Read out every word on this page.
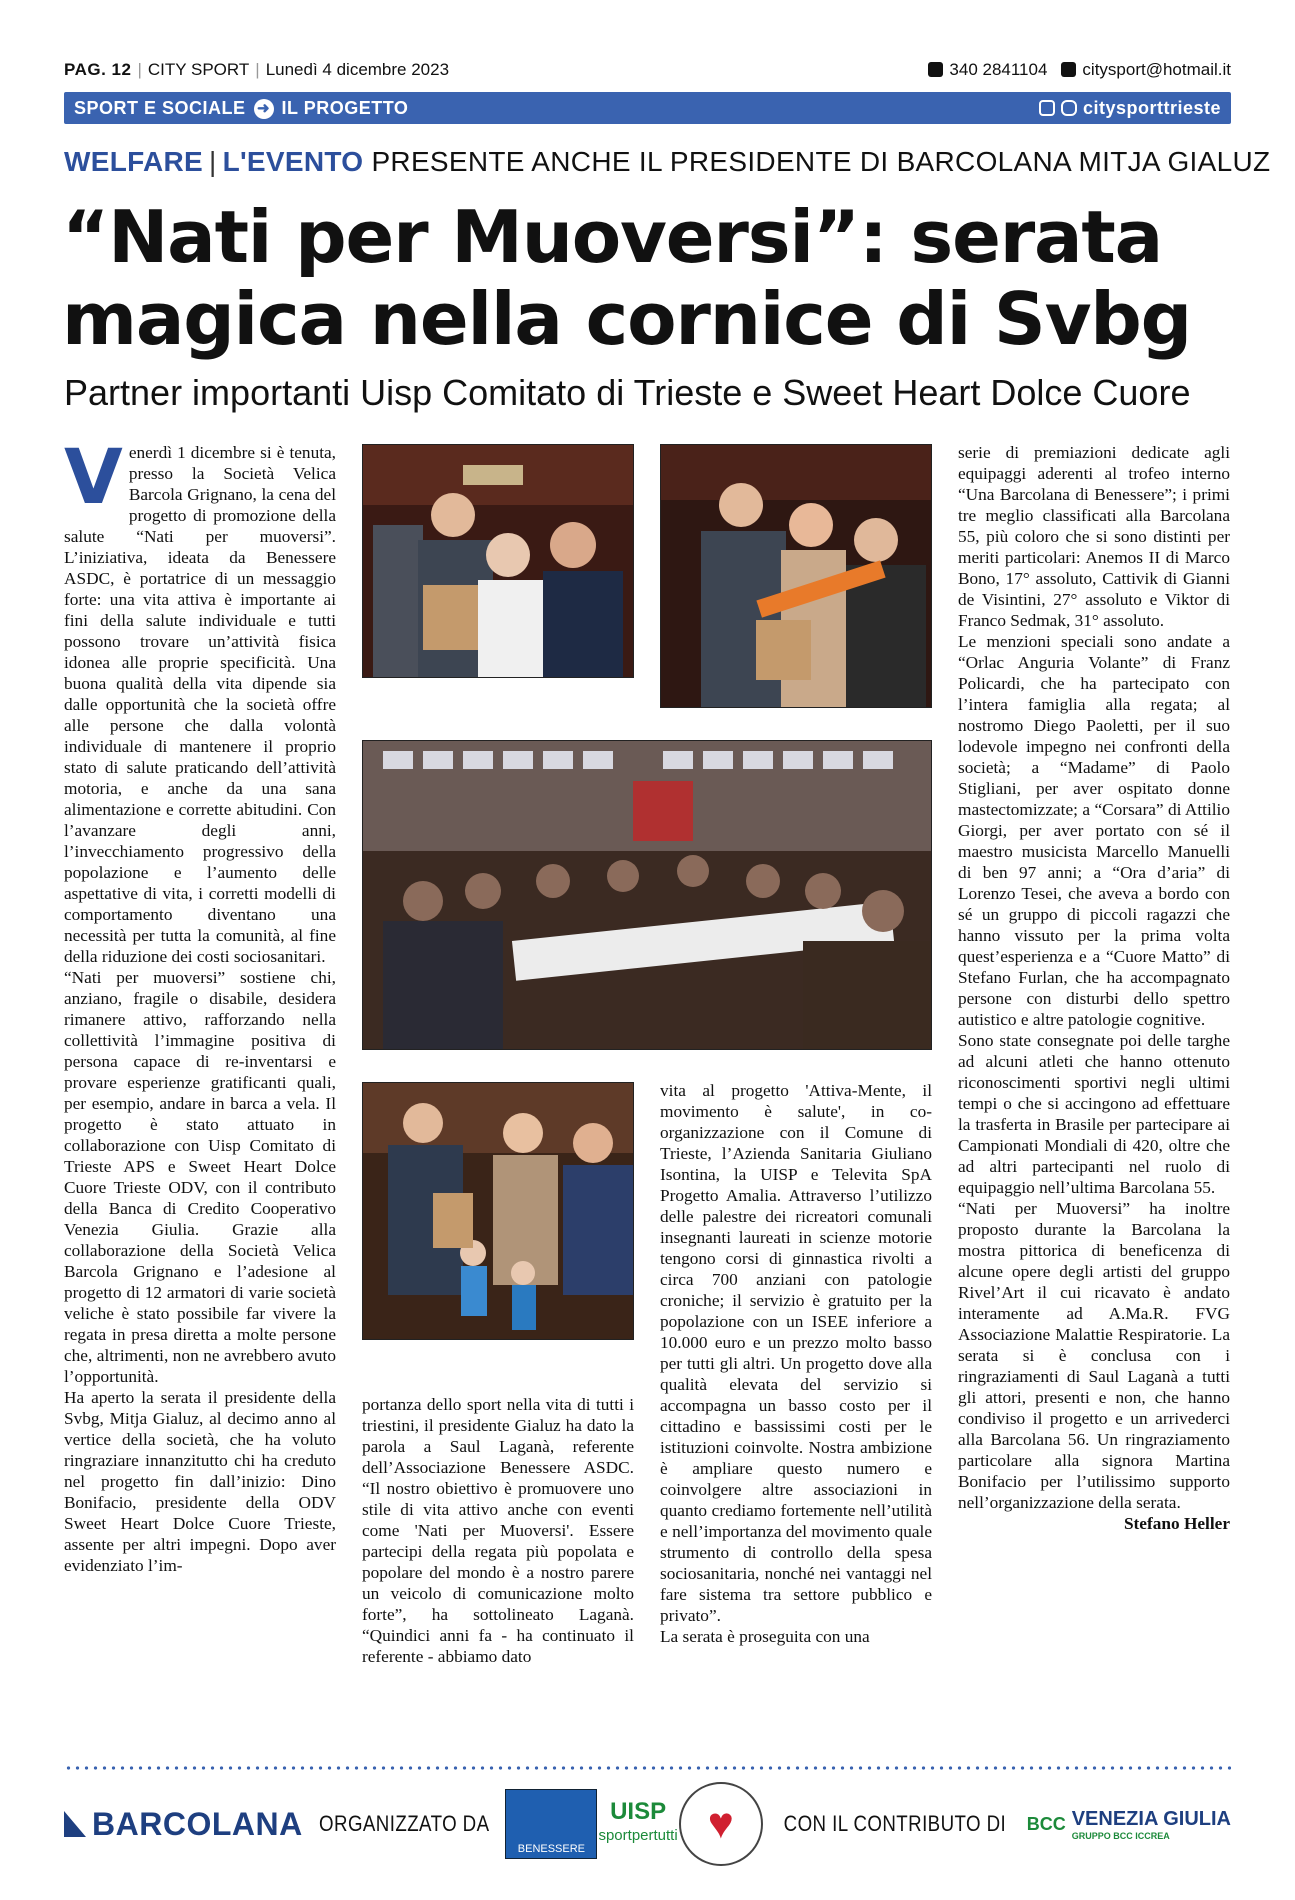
PAG. 12 | CITY SPORT | Lunedì 4 dicembre 2023	340 2841104	citysport@hotmail.it
SPORT E SOCIALE ➜ IL PROGETTO	citysporttrieste
WELFARE | L'EVENTO PRESENTE ANCHE IL PRESIDENTE DI BARCOLANA MITJA GIALUZ
“Nati per Muoversi”: serata magica nella cornice di Svbg
Partner importanti Uisp Comitato di Trieste e Sweet Heart Dolce Cuore

Venerdì 1 dicembre si è tenuta, presso la Società Velica Barcola Grignano, la cena del progetto di promozione della salute “Nati per muoversi”. L’iniziativa, ideata da Benessere ASDC, è portatrice di un messaggio forte: una vita attiva è importante ai fini della salute individuale e tutti possono trovare un’attività fisica idonea alle proprie specificità. Una buona qualità della vita dipende sia dalle opportunità che la società offre alle persone che dalla volontà individuale di mantenere il proprio stato di salute praticando dell’attività motoria, e anche da una sana alimentazione e corrette abitudini. Con l’avanzare degli anni, l’invecchiamento progressivo della popolazione e l’aumento delle aspettative di vita, i corretti modelli di comportamento diventano una necessità per tutta la comunità, al fine della riduzione dei costi sociosanitari.

“Nati per muoversi” sostiene chi, anziano, fragile o disabile, desidera rimanere attivo, rafforzando nella collettività l’immagine positiva di persona capace di re-inventarsi e provare esperienze gratificanti quali, per esempio, andare in barca a vela. Il progetto è stato attuato in collaborazione con Uisp Comitato di Trieste APS e Sweet Heart Dolce Cuore Trieste ODV, con il contributo della Banca di Credito Cooperativo Venezia Giulia. Grazie alla collaborazione della Società Velica Barcola Grignano e l’adesione al progetto di 12 armatori di varie società veliche è stato possibile far vivere la regata in presa diretta a molte persone che, altrimenti, non ne avrebbero avuto l’opportunità.

Ha aperto la serata il presidente della Svbg, Mitja Gialuz, al decimo anno al vertice della società, che ha voluto ringraziare innanzitutto chi ha creduto nel progetto fin dall’inizio: Dino Bonifacio, presidente della ODV Sweet Heart Dolce Cuore Trieste, assente per altri impegni. Dopo aver evidenziato l’im-

portanza dello sport nella vita di tutti i triestini, il presidente Gialuz ha dato la parola a Saul Laganà, referente dell’Associazione Benessere ASDC. “Il nostro obiettivo è promuovere uno stile di vita attivo anche con eventi come 'Nati per Muoversi'. Essere partecipi della regata più popolata e popolare del mondo è a nostro parere un veicolo di comunicazione molto forte”, ha sottolineato Laganà. “Quindici anni fa - ha continuato il referente - abbiamo dato

vita al progetto 'Attiva-Mente, il movimento è salute', in co-organizzazione con il Comune di Trieste, l’Azienda Sanitaria Giuliano Isontina, la UISP e Televita SpA Progetto Amalia. Attraverso l’utilizzo delle palestre dei ricreatori comunali insegnanti laureati in scienze motorie tengono corsi di ginnastica rivolti a circa 700 anziani con patologie croniche; il servizio è gratuito per la popolazione con un ISEE inferiore a 10.000 euro e un prezzo molto basso per tutti gli altri. Un progetto dove alla qualità elevata del servizio si accompagna un basso costo per il cittadino e bassissimi costi per le istituzioni coinvolte. Nostra ambizione è ampliare questo numero e coinvolgere altre associazioni in quanto crediamo fortemente nell’utilità e nell’importanza del movimento quale strumento di controllo della spesa sociosanitaria, nonché nei vantaggi nel fare sistema tra settore pubblico e privato”.

La serata è proseguita con una

serie di premiazioni dedicate agli equipaggi aderenti al trofeo interno “Una Barcolana di Benessere”; i primi tre meglio classificati alla Barcolana 55, più coloro che si sono distinti per meriti particolari: Anemos II di Marco Bono, 17° assoluto, Cattivik di Gianni de Visintini, 27° assoluto e Viktor di Franco Sedmak, 31° assoluto.

Le menzioni speciali sono andate a “Orlac Anguria Volante” di Franz Policardi, che ha partecipato con l’intera famiglia alla regata; al nostromo Diego Paoletti, per il suo lodevole impegno nei confronti della società; a “Madame” di Paolo Stigliani, per aver ospitato donne mastectomizzate; a “Corsara” di Attilio Giorgi, per aver portato con sé il maestro musicista Marcello Manuelli di ben 97 anni; a “Ora d’aria” di Lorenzo Tesei, che aveva a bordo con sé un gruppo di piccoli ragazzi che hanno vissuto per la prima volta quest’esperienza e a “Cuore Matto” di Stefano Furlan, che ha accompagnato persone con disturbi dello spettro autistico e altre patologie cognitive.

Sono state consegnate poi delle targhe ad alcuni atleti che hanno ottenuto riconoscimenti sportivi negli ultimi tempi o che si accingono ad effettuare la trasferta in Brasile per partecipare ai Campionati Mondiali di 420, oltre che ad altri partecipanti nel ruolo di equipaggio nell’ultima Barcolana 55.

“Nati per Muoversi” ha inoltre proposto durante la Barcolana la mostra pittorica di beneficenza di alcune opere degli artisti del gruppo Rivel’Art il cui ricavato è andato interamente ad A.Ma.R. FVG Associazione Malattie Respiratorie. La serata si è conclusa con i ringraziamenti di Saul Laganà a tutti gli attori, presenti e non, che hanno condiviso il progetto e un arrivederci alla Barcolana 56. Un ringraziamento particolare alla signora Martina Bonifacio per l’utilissimo supporto nell’organizzazione della serata.

Stefano Heller

BARCOLANA ORGANIZZATO DA
BENESSERE
UISP
sportpertutti ♥ CON IL CONTRIBUTO DI BCC VENEZIA GIULIA
GRUPPO BCC ICCREA
